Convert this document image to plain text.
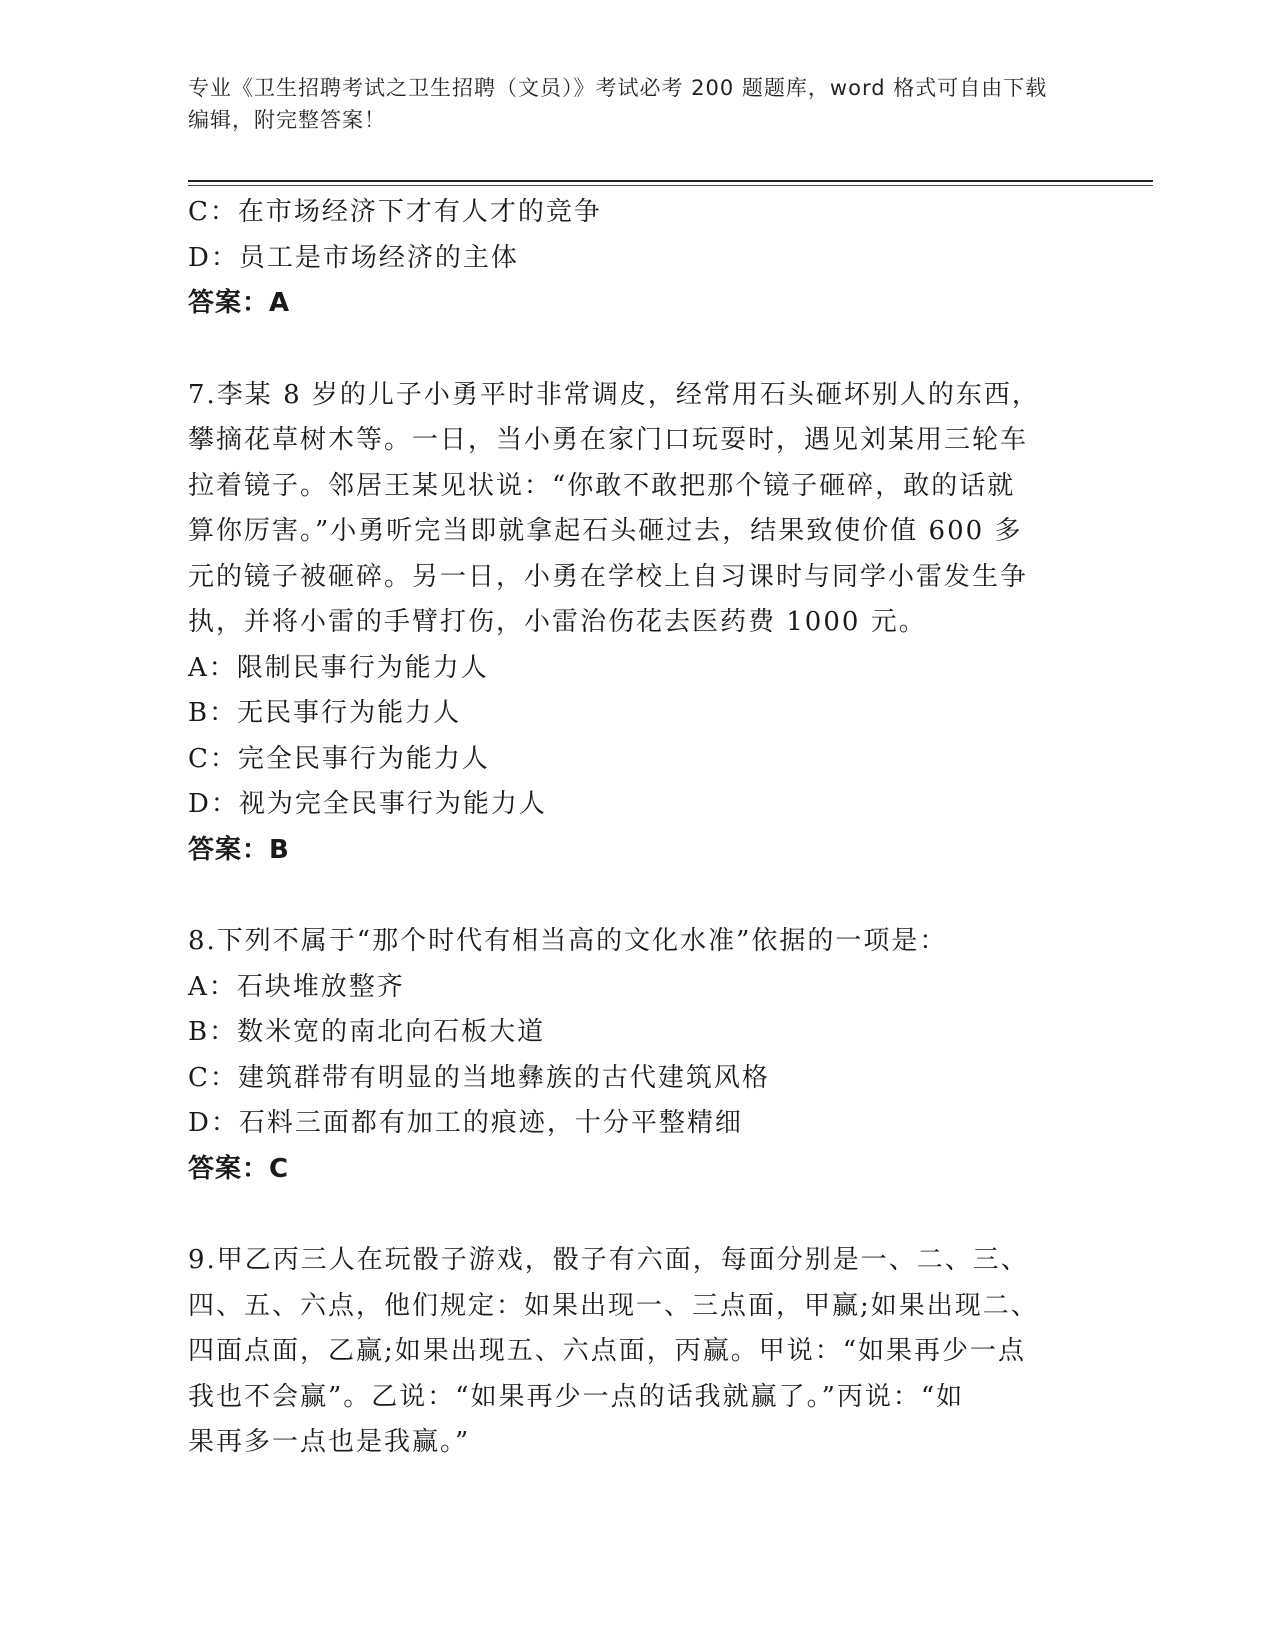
专业《卫生招聘考试之卫生招聘（文员）》考试必考 200 题题库，word 格式可自由下载编辑，附完整答案！
C：在市场经济下才有人才的竞争
D：员工是市场经济的主体
答案：A
7.李某 8 岁的儿子小勇平时非常调皮，经常用石头砸坏别人的东西，
攀摘花草树木等。一日，当小勇在家门口玩耍时，遇见刘某用三轮车
拉着镜子。邻居王某见状说：“你敢不敢把那个镜子砸碎，敢的话就
算你厉害。”小勇听完当即就拿起石头砸过去，结果致使价值 600 多
元的镜子被砸碎。另一日，小勇在学校上自习课时与同学小雷发生争
执，并将小雷的手臂打伤，小雷治伤花去医药费 1000 元。
A：限制民事行为能力人
B：无民事行为能力人
C：完全民事行为能力人
D：视为完全民事行为能力人
答案：B
8.下列不属于“那个时代有相当高的文化水准”依据的一项是：
A：石块堆放整齐
B：数米宽的南北向石板大道
C：建筑群带有明显的当地彝族的古代建筑风格
D：石料三面都有加工的痕迹，十分平整精细
答案：C
9.甲乙丙三人在玩骰子游戏，骰子有六面，每面分别是一、二、三、
四、五、六点，他们规定：如果出现一、三点面，甲赢;如果出现二、
四面点面，乙赢;如果出现五、六点面，丙赢。甲说：“如果再少一点
我也不会赢”。乙说：“如果再少一点的话我就赢了。”丙说：“如
果再多一点也是我赢。”
